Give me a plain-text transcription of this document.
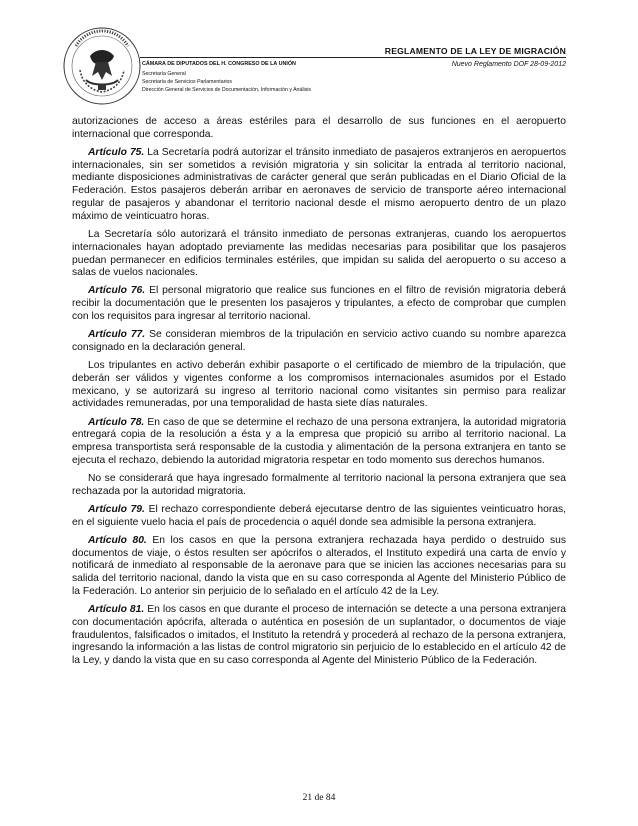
REGLAMENTO DE LA LEY DE MIGRACIÓN
CÁMARA DE DIPUTADOS DEL H. CONGRESO DE LA UNIÓN	Nuevo Reglamento DOF 28-09-2012
Secretaría General
Secretaría de Servicios Parlamentarios
Dirección General de Servicios de Documentación, Información y Análisis

autorizaciones de acceso a áreas estériles para el desarrollo de sus funciones en el aeropuerto internacional que corresponda.

Artículo 75. La Secretaría podrá autorizar el tránsito inmediato de pasajeros extranjeros en aeropuertos internacionales, sin ser sometidos a revisión migratoria y sin solicitar la entrada al territorio nacional, mediante disposiciones administrativas de carácter general que serán publicadas en el Diario Oficial de la Federación. Estos pasajeros deberán arribar en aeronaves de servicio de transporte aéreo internacional regular de pasajeros y abandonar el territorio nacional desde el mismo aeropuerto dentro de un plazo máximo de veinticuatro horas.

La Secretaría sólo autorizará el tránsito inmediato de personas extranjeras, cuando los aeropuertos internacionales hayan adoptado previamente las medidas necesarias para posibilitar que los pasajeros puedan permanecer en edificios terminales estériles, que impidan su salida del aeropuerto o su acceso a salas de vuelos nacionales.

Artículo 76. El personal migratorio que realice sus funciones en el filtro de revisión migratoria deberá recibir la documentación que le presenten los pasajeros y tripulantes, a efecto de comprobar que cumplen con los requisitos para ingresar al territorio nacional.

Artículo 77. Se consideran miembros de la tripulación en servicio activo cuando su nombre aparezca consignado en la declaración general.

Los tripulantes en activo deberán exhibir pasaporte o el certificado de miembro de la tripulación, que deberán ser válidos y vigentes conforme a los compromisos internacionales asumidos por el Estado mexicano, y se autorizará su ingreso al territorio nacional como visitantes sin permiso para realizar actividades remuneradas, por una temporalidad de hasta siete días naturales.

Artículo 78. En caso de que se determine el rechazo de una persona extranjera, la autoridad migratoria entregará copia de la resolución a ésta y a la empresa que propició su arribo al territorio nacional. La empresa transportista será responsable de la custodia y alimentación de la persona extranjera en tanto se ejecuta el rechazo, debiendo la autoridad migratoria respetar en todo momento sus derechos humanos.

No se considerará que haya ingresado formalmente al territorio nacional la persona extranjera que sea rechazada por la autoridad migratoria.

Artículo 79. El rechazo correspondiente deberá ejecutarse dentro de las siguientes veinticuatro horas, en el siguiente vuelo hacia el país de procedencia o aquél donde sea admisible la persona extranjera.

Artículo 80. En los casos en que la persona extranjera rechazada haya perdido o destruido sus documentos de viaje, o éstos resulten ser apócrifos o alterados, el Instituto expedirá una carta de envío y notificará de inmediato al responsable de la aeronave para que se inicien las acciones necesarias para su salida del territorio nacional, dando la vista que en su caso corresponda al Agente del Ministerio Público de la Federación. Lo anterior sin perjuicio de lo señalado en el artículo 42 de la Ley.

Artículo 81. En los casos en que durante el proceso de internación se detecte a una persona extranjera con documentación apócrifa, alterada o auténtica en posesión de un suplantador, o documentos de viaje fraudulentos, falsificados o imitados, el Instituto la retendrá y procederá al rechazo de la persona extranjera, ingresando la información a las listas de control migratorio sin perjuicio de lo establecido en el artículo 42 de la Ley, y dando la vista que en su caso corresponda al Agente del Ministerio Público de la Federación.

21 de 84
